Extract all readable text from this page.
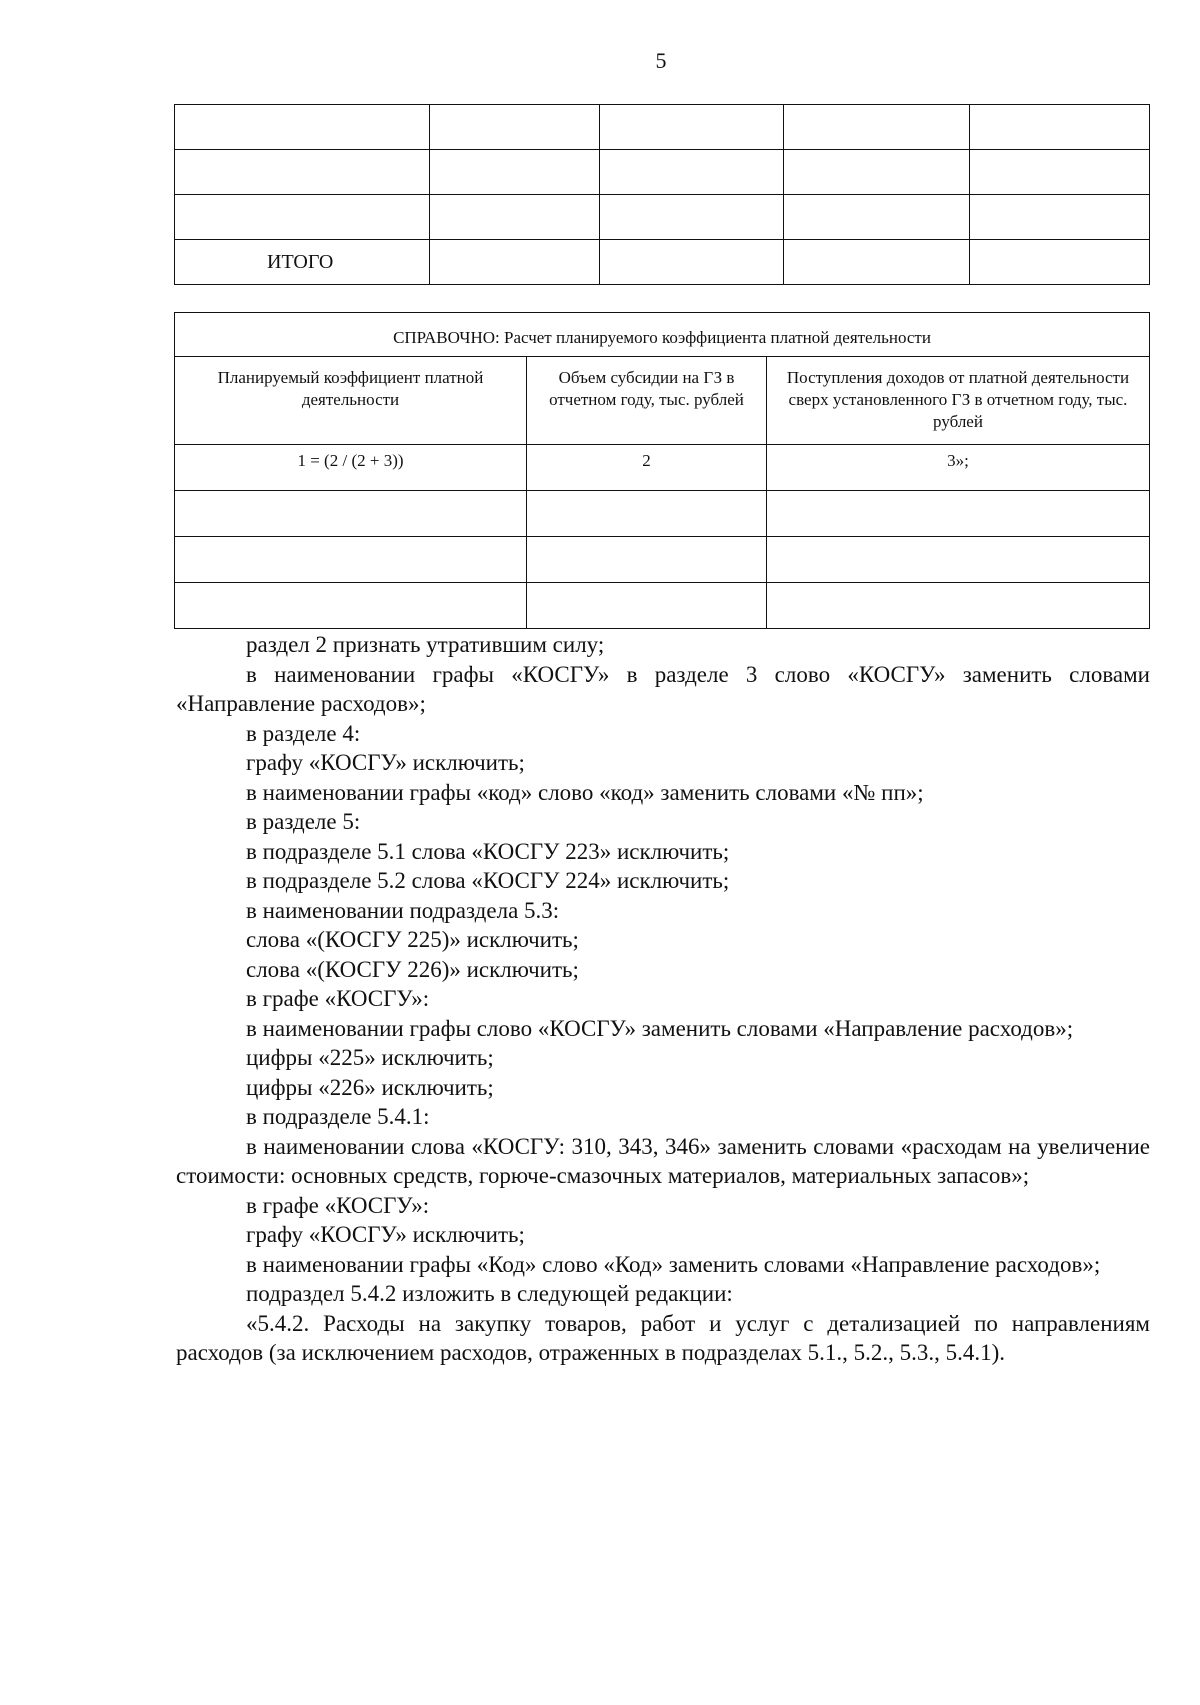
5

ИТОГО				
СПРАВОЧНО: Расчет планируемого коэффициента платной деятельности		
Планируемый коэффициент платной деятельности	Объем субсидии на ГЗ в отчетном году, тыс. рублей	Поступления доходов от платной деятельности сверх установленного ГЗ в отчетном году, тыс. рублей
1 = (2 / (2 + 3))	2	3»;

раздел 2 признать утратившим силу;

в наименовании графы «КОСГУ» в разделе 3 слово «КОСГУ» заменить словами «Направление расходов»;

в разделе 4:

графу «КОСГУ» исключить;

в наименовании графы «код» слово «код» заменить словами «№ пп»;

в разделе 5:

в подразделе 5.1 слова «КОСГУ 223» исключить;

в подразделе 5.2 слова «КОСГУ 224» исключить;

в наименовании подраздела 5.3:

слова «(КОСГУ 225)» исключить;

слова «(КОСГУ 226)» исключить;

в графе «КОСГУ»:

в наименовании графы слово «КОСГУ» заменить словами «Направление расходов»;

цифры «225» исключить;

цифры «226» исключить;

в подразделе 5.4.1:

в наименовании слова «КОСГУ: 310, 343, 346» заменить словами «расходам на увеличение стоимости: основных средств, горюче-смазочных материалов, материальных запасов»;

в графе «КОСГУ»:

графу «КОСГУ» исключить;

в наименовании графы «Код» слово «Код» заменить словами «Направление расходов»;

подраздел 5.4.2 изложить в следующей редакции:

«5.4.2. Расходы на закупку товаров, работ и услуг с детализацией по направлениям расходов (за исключением расходов, отраженных в подразделах 5.1., 5.2., 5.3., 5.4.1).
